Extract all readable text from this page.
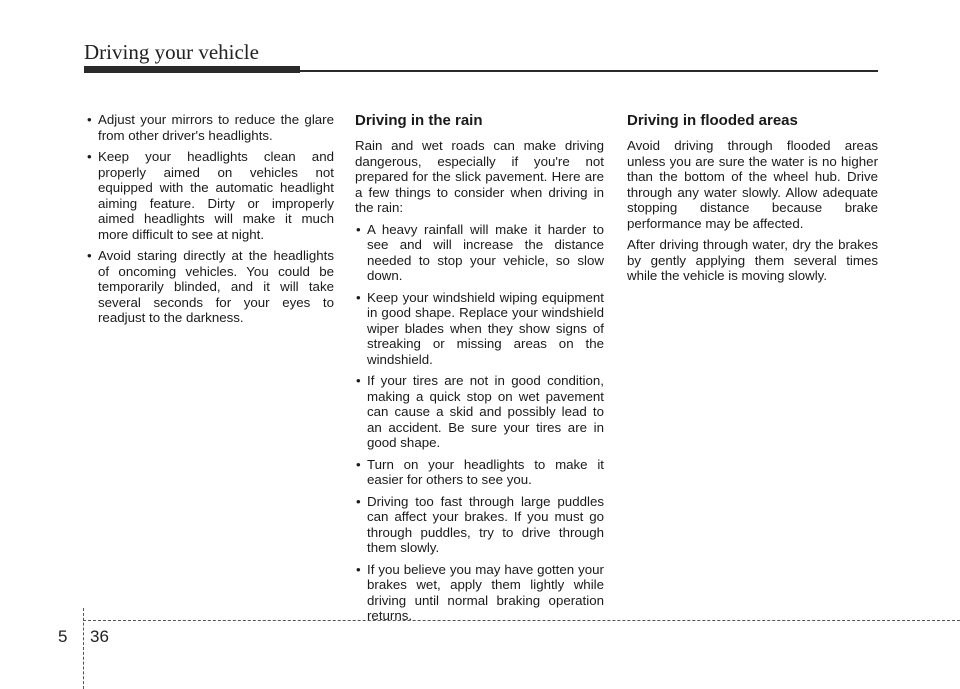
Driving your vehicle
• Adjust your mirrors to reduce the glare from other driver's headlights.
• Keep your headlights clean and properly aimed on vehicles not equipped with the automatic headlight aiming feature. Dirty or improperly aimed headlights will make it much more difficult to see at night.
• Avoid staring directly at the headlights of oncoming vehicles. You could be temporarily blinded, and it will take several seconds for your eyes to readjust to the darkness.
Driving in the rain

Rain and wet roads can make driving dangerous, especially if you're not prepared for the slick pavement. Here are a few things to consider when driving in the rain:

• A heavy rainfall will make it harder to see and will increase the distance needed to stop your vehicle, so slow down.
• Keep your windshield wiping equipment in good shape. Replace your windshield wiper blades when they show signs of streaking or missing areas on the windshield.
• If your tires are not in good condition, making a quick stop on wet pavement can cause a skid and possibly lead to an accident. Be sure your tires are in good shape.
• Turn on your headlights to make it easier for others to see you.
• Driving too fast through large puddles can affect your brakes. If you must go through puddles, try to drive through them slowly.
• If you believe you may have gotten your brakes wet, apply them lightly while driving until normal braking operation returns.
Driving in flooded areas

Avoid driving through flooded areas unless you are sure the water is no higher than the bottom of the wheel hub. Drive through any water slowly. Allow adequate stopping distance because brake performance may be affected.

After driving through water, dry the brakes by gently applying them several times while the vehicle is moving slowly.

5 36
